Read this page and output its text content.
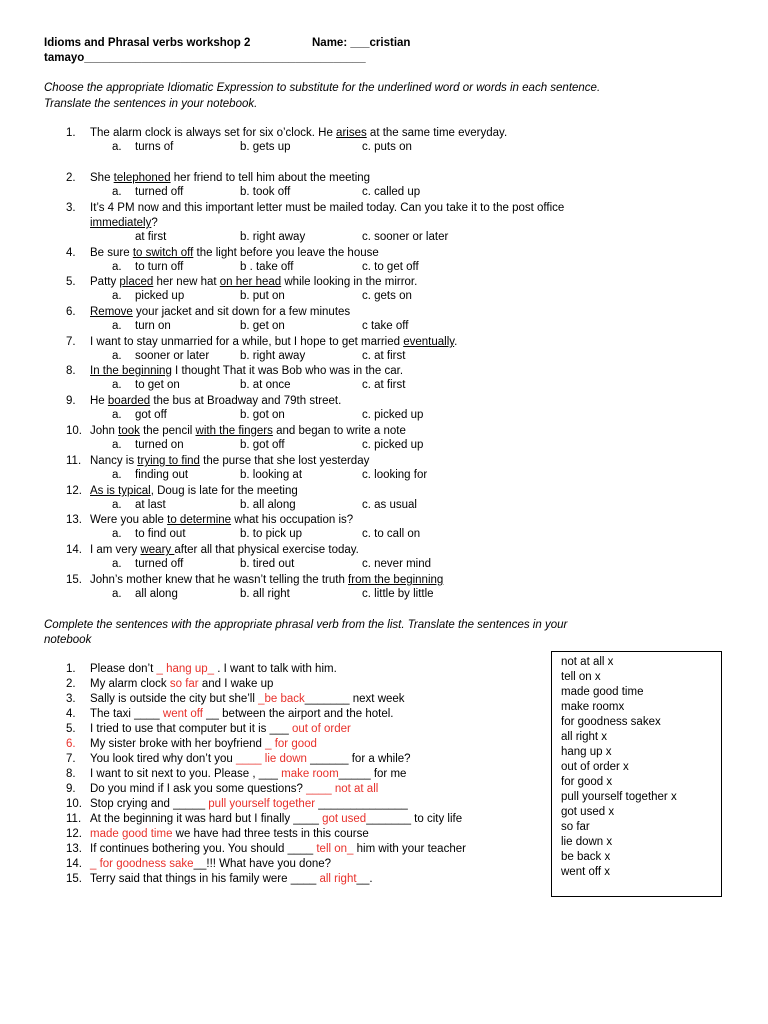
Idioms and Phrasal verbs workshop 2	Name: ___cristian
tamayo____________________________________________
Choose the appropriate Idiomatic Expression to substitute for the underlined word or words in each sentence.
Translate the sentences in your notebook.
1.	The alarm clock is always set for six o’clock. He arises at the same time everyday.
a. turns of	b. gets up	c. puts on
2.	She telephoned her friend to tell him about the meeting
a. turned off	b. took off	c. called up
3.	It’s 4 PM now and this important letter must be mailed today. Can you take it to the post office
immediately?
at first	b. right away	c. sooner or later
4.	Be sure to switch off the light before you leave the house
a. to turn off	b . take off	c. to get off
5.	Patty placed her new hat on her head while looking in the mirror.
a. picked up	b. put on	c. gets on
6.	Remove your jacket and sit down for a few minutes
a. turn on	b. get on	c take off
7.	I want to stay unmarried for a while, but I hope to get married eventually.
a. sooner or later	b. right away	c. at first
8.	In the beginning I thought That it was Bob who was in the car.
a. to get on	b. at once	c. at first
9.	He boarded the bus at Broadway and 79th street.
a. got off	b. got on	c. picked up
10. John took the pencil with the fingers and began to write a note
a. turned on	b. got off	c. picked up
11. Nancy is trying to find the purse that she lost yesterday
a. finding out	b. looking at	c. looking for
12. As is typical, Doug is late for the meeting
a. at last	b. all along	c. as usual
13. Were you able to determine what his occupation is?
a. to find out	b. to pick up	c. to call on
14. I am very weary after all that physical exercise today.
a. turned off	b. tired out	c. never mind
15. John’s mother knew that he wasn’t telling the truth from the beginning
a. all along	b. all right	c. little by little
Complete the sentences with the appropriate phrasal verb from the list. Translate the sentences in your
notebook
1. Please don’t _ hang up_ . I want to talk with him.
2. My alarm clock so far and I wake up
3. Sally is outside the city but she’ll _be back_______ next week
4. The taxi ____ went off __ between the airport and the hotel.
5. I tried to use that computer but it is ___ out of order
6. My sister broke with her boyfriend _ for good
7. You look tired why don’t you ____ lie down ______ for a while?
8. I want to sit next to you. Please , ___ make room_____ for me
9. Do you mind if I ask you some questions? ____ not at all
10. Stop crying and _____ pull yourself together ______________
11. At the beginning it was hard but I finally ____ got used_______ to city life
12. made good time we have had three tests in this course
13. If continues bothering you. You should ____ tell on_ him with your teacher
14. _ for goodness sake__!!! What have you done?
15. Terry said that things in his family were ____ all right__.
not at all x
tell on x
made good time
make roomx
for goodness sakex
all right x
hang up x
out of order x
for good x
pull yourself together x
got used x
so far
lie down x
be back x
went off x
